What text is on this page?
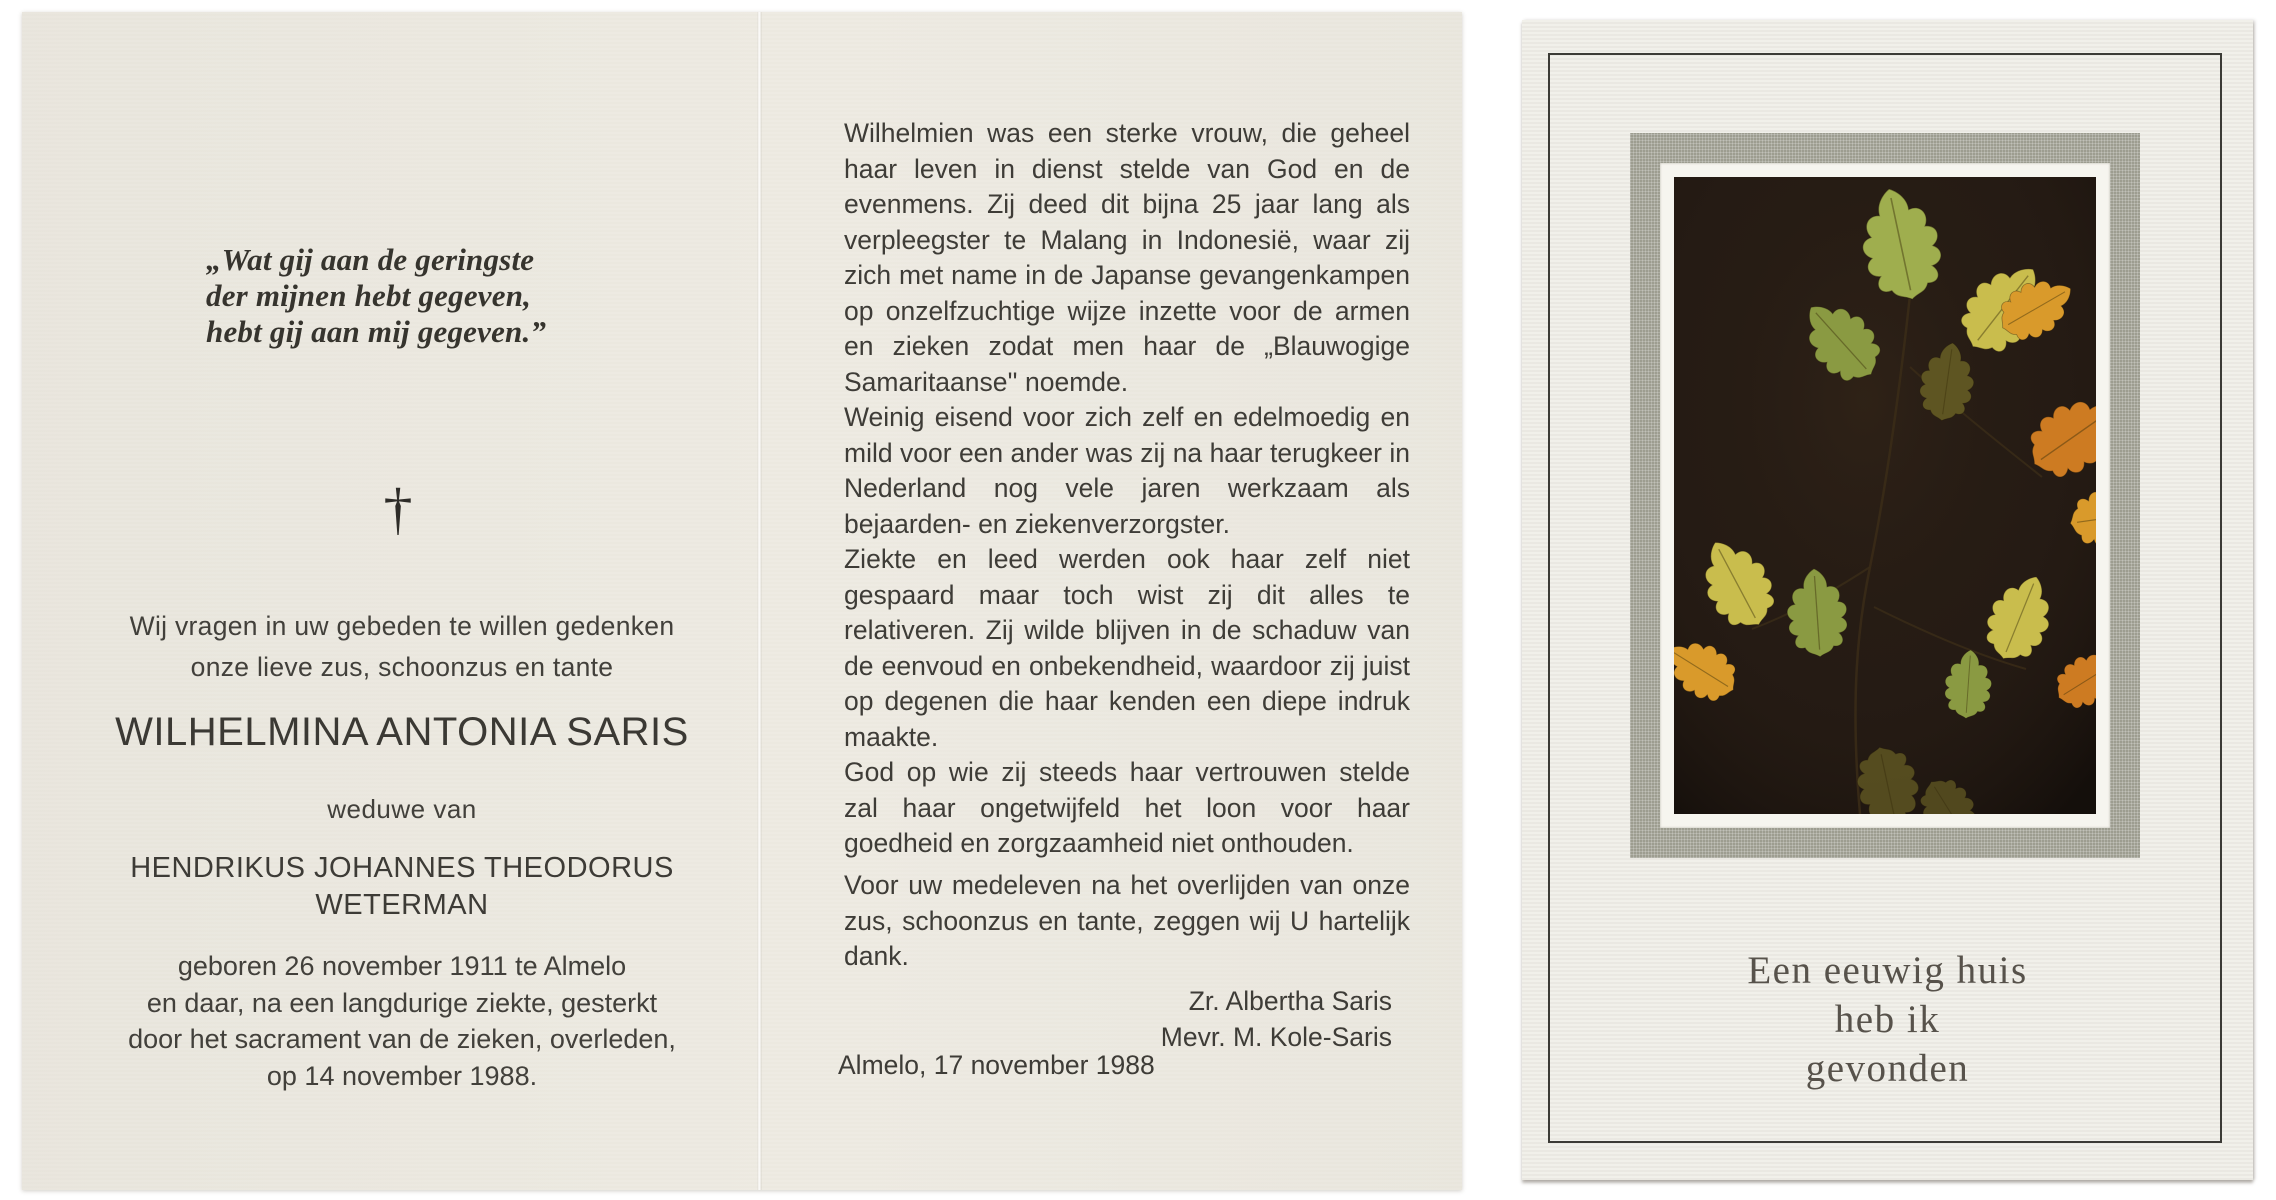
„Wat gij aan de geringste
der mijnen hebt gegeven,
hebt gij aan mij gegeven.”
†
Wij vragen in uw gebeden te willen gedenken
onze lieve zus, schoonzus en tante
WILHELMINA ANTONIA SARIS
weduwe van
HENDRIKUS JOHANNES THEODORUS
WETERMAN
geboren 26 november 1911 te Almelo
en daar, na een langdurige ziekte, gesterkt
door het sacrament van de zieken, overleden,
op 14 november 1988.

Wilhelmien was een sterke vrouw, die geheel haar leven in dienst stelde van God en de evenmens. Zij deed dit bijna 25 jaar lang als verpleegster te Malang in Indonesië, waar zij zich met name in de Japanse gevangenkampen op onzelfzuchtige wijze inzette voor de armen en zieken zodat men haar de „Blauwogige Samaritaanse'' noemde.

Weinig eisend voor zich zelf en edelmoedig en mild voor een ander was zij na haar terugkeer in Nederland nog vele jaren werkzaam als bejaarden- en ziekenverzorgster.

Ziekte en leed werden ook haar zelf niet gespaard maar toch wist zij dit alles te relativeren. Zij wilde blijven in de schaduw van de eenvoud en onbekendheid, waardoor zij juist op degenen die haar kenden een diepe indruk maakte.

God op wie zij steeds haar vertrouwen stelde zal haar ongetwijfeld het loon voor haar goedheid en zorgzaamheid niet onthouden.

Voor uw medeleven na het overlijden van onze zus, schoonzus en tante, zeggen wij U hartelijk dank.

Zr. Albertha Saris
Mevr. M. Kole-Saris
Almelo, 17 november 1988
Een eeuwig huis
heb ik
gevonden
